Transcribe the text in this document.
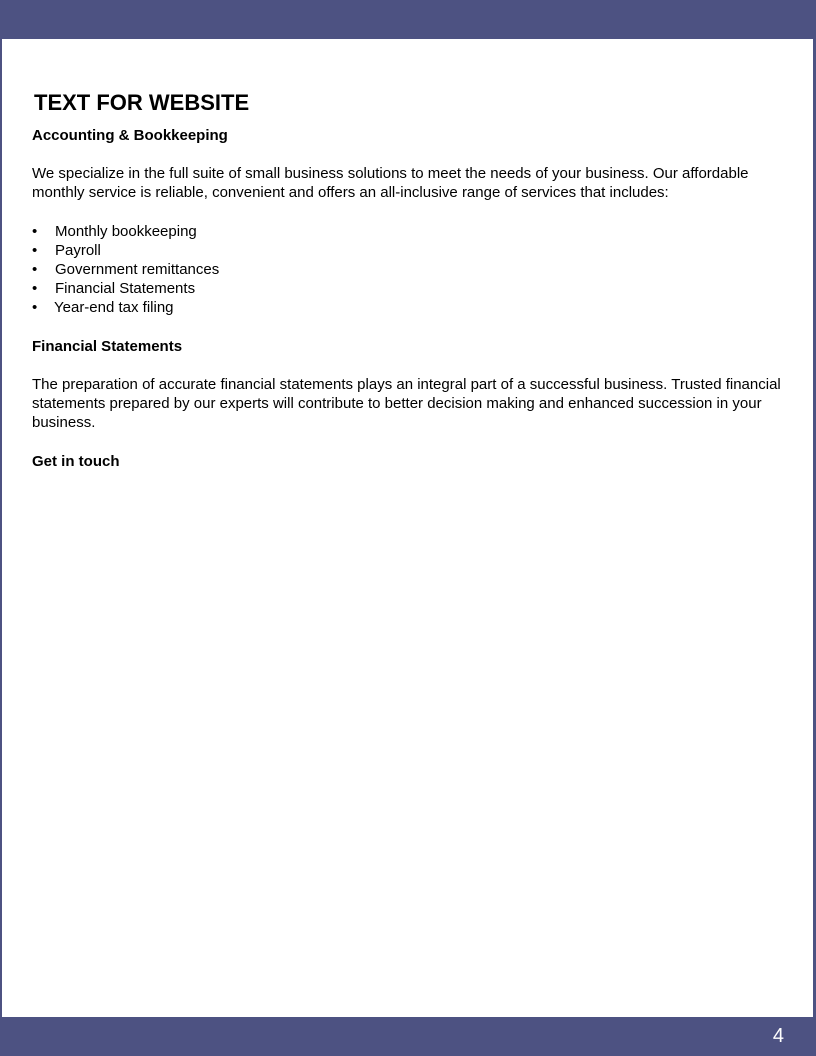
TEXT FOR WEBSITE
Accounting & Bookkeeping

We specialize in the full suite of small business solutions to meet the needs of your business. Our affordable monthly service is reliable, convenient and offers an all-inclusive range of services that includes:

• Monthly bookkeeping
• Payroll
• Government remittances
• Financial Statements
• Year-end tax filing
Financial Statements

The preparation of accurate financial statements plays an integral part of a successful business. Trusted financial statements prepared by our experts will contribute to better decision making and enhanced succession in your business.

Get in touch
4
